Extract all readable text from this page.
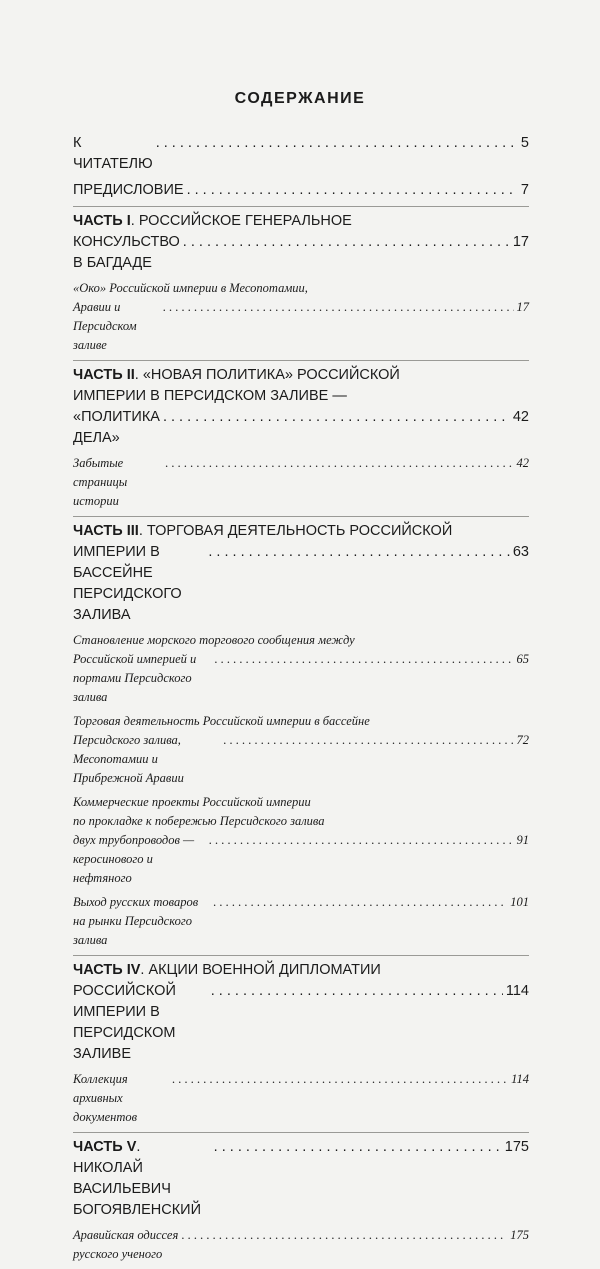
СОДЕРЖАНИЕ
К ЧИТАТЕЛЮ
. . .
5
ПРЕДИСЛОВИЕ
. . .	7
ЧАСТЬ I. РОССИЙСКОЕ ГЕНЕРАЛЬНОЕ
КОНСУЛЬСТВО В БАГДАДЕ
. . .
17
«Око» Российской империи в Месопотамии,
Аравии и Персидском заливе
. . .
17
ЧАСТЬ II. «НОВАЯ ПОЛИТИКА» РОССИЙСКОЙ
ИМПЕРИИ В ПЕРСИДСКОМ ЗАЛИВЕ —
«ПОЛИТИКА ДЕЛА»
. . .
42
Забытые страницы истории
. . .
42
ЧАСТЬ III. ТОРГОВАЯ ДЕЯТЕЛЬНОСТЬ РОССИЙСКОЙ
ИМПЕРИИ В БАССЕЙНЕ ПЕРСИДСКОГО ЗАЛИВА
. . .
63
Становление морского торгового сообщения между
Российской империей и портами Персидского залива
. . .
65
Торговая деятельность Российской империи в бассейне
Персидского залива, Месопотамии и Прибрежной Аравии
. . .
72
Коммерческие проекты Российской империи
по прокладке к побережью Персидского залива
двух трубопроводов — керосинового и нефтяного
. . .
91
Выход русских товаров на рынки Персидского залива
. . .
101
ЧАСТЬ IV. АКЦИИ ВОЕННОЙ ДИПЛОМАТИИ
РОССИЙСКОЙ ИМПЕРИИ В ПЕРСИДСКОМ ЗАЛИВЕ
. . .
114
Коллекция архивных документов
. . .
114
ЧАСТЬ V. НИКОЛАЙ ВАСИЛЬЕВИЧ БОГОЯВЛЕНСКИЙ
. . .
175
Аравийская одиссея русского ученого
. . .
175
